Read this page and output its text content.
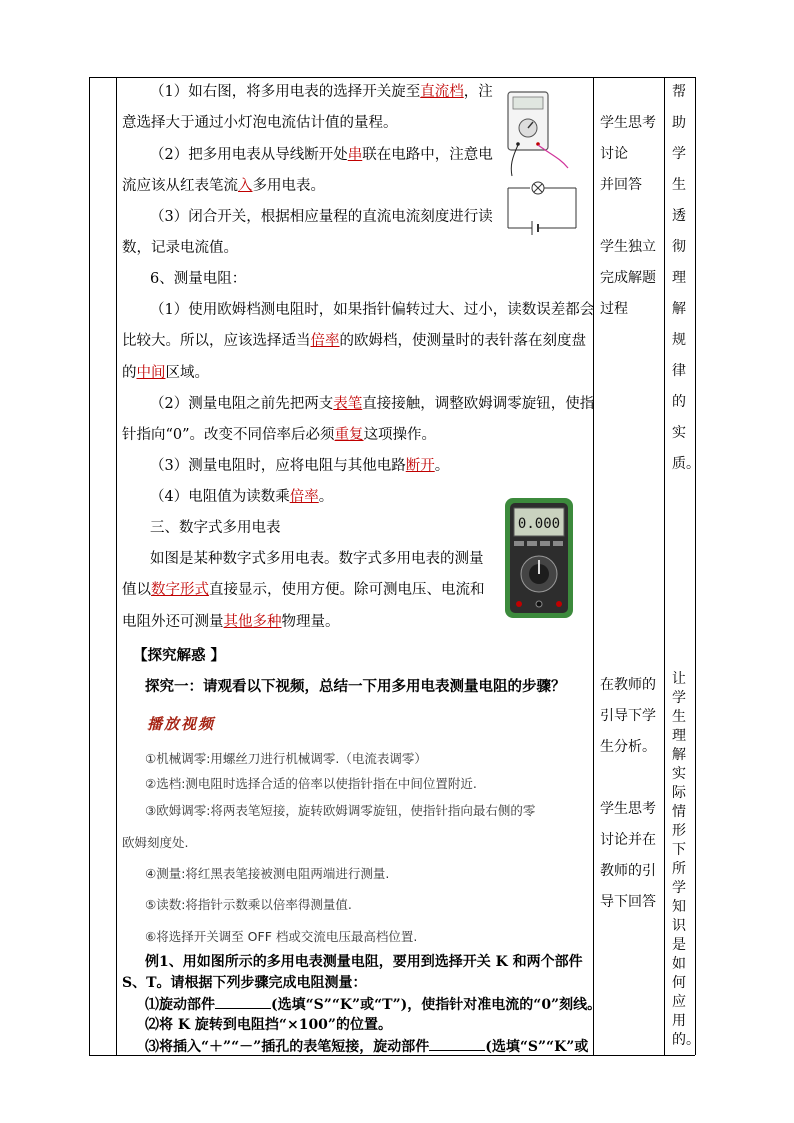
（1）如右图，将多用电表的选择开关旋至直流档，注
意选择大于通过小灯泡电流估计值的量程。
（2）把多用电表从导线断开处串联在电路中，注意电
流应该从红表笔流入多用电表。
（3）闭合开关，根据相应量程的直流电流刻度进行读
数，记录电流值。
6、测量电阻：
（1）使用欧姆档测电阻时，如果指针偏转过大、过小，读数误差都会
比较大。所以，应该选择适当倍率的欧姆档，使测量时的表针落在刻度盘
的中间区域。
（2）测量电阻之前先把两支表笔直接接触，调整欧姆调零旋钮，使指
针指向“0”。改变不同倍率后必须重复这项操作。
（3）测量电阻时，应将电阻与其他电路断开。
（4）电阻值为读数乘倍率。
三、数字式多用电表
如图是某种数字式多用电表。数字式多用电表的测量
值以数字形式直接显示，使用方便。除可测电压、电流和
电阻外还可测量其他多种物理量。
0.000
【探究解惑 】
探究一：请观看以下视频，总结一下用多用电表测量电阻的步骤？
播放视频
①机械调零:用螺丝刀进行机械调零.（电流表调零）
②选档:测电阻时选择合适的倍率以使指针指在中间位置附近.
③欧姆调零:将两表笔短接，旋转欧姆调零旋钮，使指针指向最右侧的零
欧姆刻度处.
④测量:将红黑表笔接被测电阻两端进行测量.
⑤读数:将指针示数乘以倍率得测量值.
⑥将选择开关调至 OFF 档或交流电压最高档位置.
例1、用如图所示的多用电表测量电阻，要用到选择开关 K 和两个部件
S、T。请根据下列步骤完成电阻测量：
⑴旋动部件	(选填“S”“K”或“T”)，使指针对准电流的“0”刻线。
⑵将 K 旋转到电阻挡“×100”的位置。
⑶将插入“＋”“－”插孔的表笔短接，旋动部件	(选填“S”“K”或
学生思考
讨论
并回答
学生独立
完成解题
过程
在教师的
引导下学
生分析。
学生思考
讨论并在
教师的引
导下回答
帮
助
学
生
透
彻
理
解
规
律
的
实
质。
让
学
生
理
解
实
际
情
形
下
所
学
知
识
是
如
何
应
用
的。
